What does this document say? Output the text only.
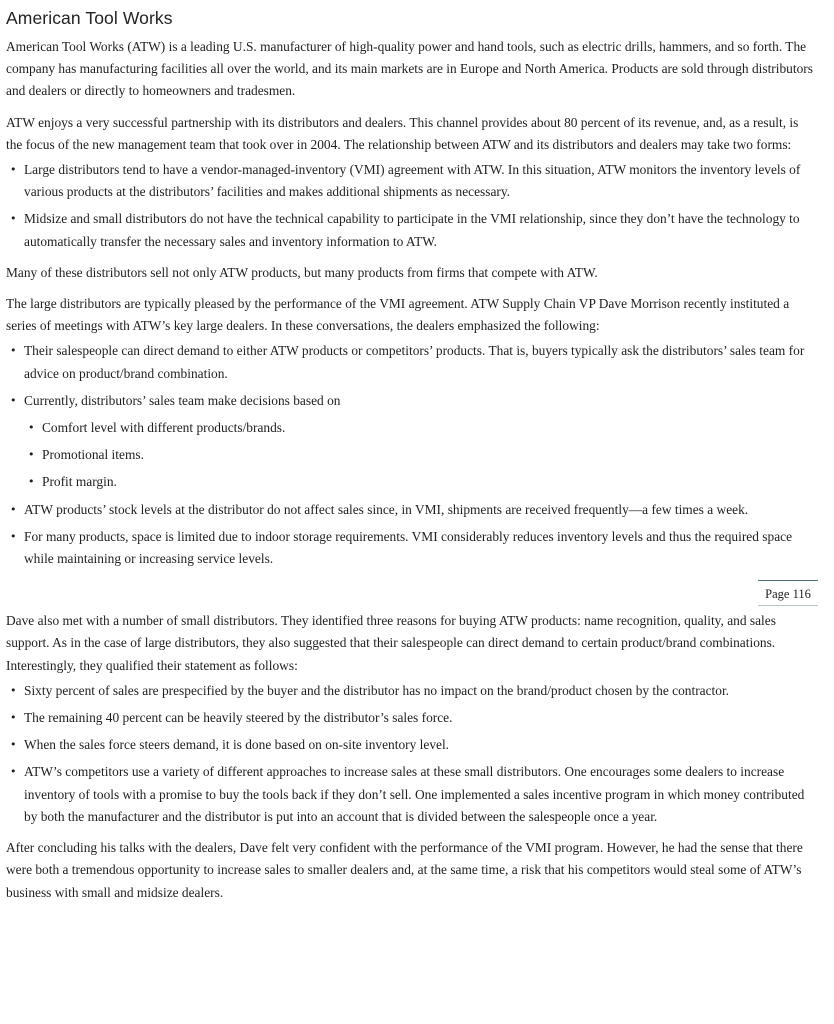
American Tool Works

American Tool Works (ATW) is a leading U.S. manufacturer of high-quality power and hand tools, such as electric drills, hammers, and so forth. The company has manufacturing facilities all over the world, and its main markets are in Europe and North America. Products are sold through distributors and dealers or directly to homeowners and tradesmen.

ATW enjoys a very successful partnership with its distributors and dealers. This channel provides about 80 percent of its revenue, and, as a result, is the focus of the new management team that took over in 2004. The relationship between ATW and its distributors and dealers may take two forms:

• Large distributors tend to have a vendor-managed-inventory (VMI) agreement with ATW. In this situation, ATW monitors the inventory levels of various products at the distributors’ facilities and makes additional shipments as necessary.
• Midsize and small distributors do not have the technical capability to participate in the VMI relationship, since they don’t have the technology to automatically transfer the necessary sales and inventory information to ATW.

Many of these distributors sell not only ATW products, but many products from firms that compete with ATW.

The large distributors are typically pleased by the performance of the VMI agreement. ATW Supply Chain VP Dave Morrison recently instituted a series of meetings with ATW’s key large dealers. In these conversations, the dealers emphasized the following:

• Their salespeople can direct demand to either ATW products or competitors’ products. That is, buyers typically ask the distributors’ sales team for advice on product/brand combination.
• Currently, distributors’ sales team make decisions based on
• Comfort level with different products/brands.
• Promotional items.
• Profit margin.
• ATW products’ stock levels at the distributor do not affect sales since, in VMI, shipments are received frequently—a few times a week.
• For many products, space is limited due to indoor storage requirements. VMI considerably reduces inventory levels and thus the required space while maintaining or increasing service levels.
Page 116

Dave also met with a number of small distributors. They identified three reasons for buying ATW products: name recognition, quality, and sales support. As in the case of large distributors, they also suggested that their salespeople can direct demand to certain product/brand combinations. Interestingly, they qualified their statement as follows:

• Sixty percent of sales are prespecified by the buyer and the distributor has no impact on the brand/product chosen by the contractor.
• The remaining 40 percent can be heavily steered by the distributor’s sales force.
• When the sales force steers demand, it is done based on on-site inventory level.
• ATW’s competitors use a variety of different approaches to increase sales at these small distributors. One encourages some dealers to increase inventory of tools with a promise to buy the tools back if they don’t sell. One implemented a sales incentive program in which money contributed by both the manufacturer and the distributor is put into an account that is divided between the salespeople once a year.

After concluding his talks with the dealers, Dave felt very confident with the performance of the VMI program. However, he had the sense that there were both a tremendous opportunity to increase sales to smaller dealers and, at the same time, a risk that his competitors would steal some of ATW’s business with small and midsize dealers.
